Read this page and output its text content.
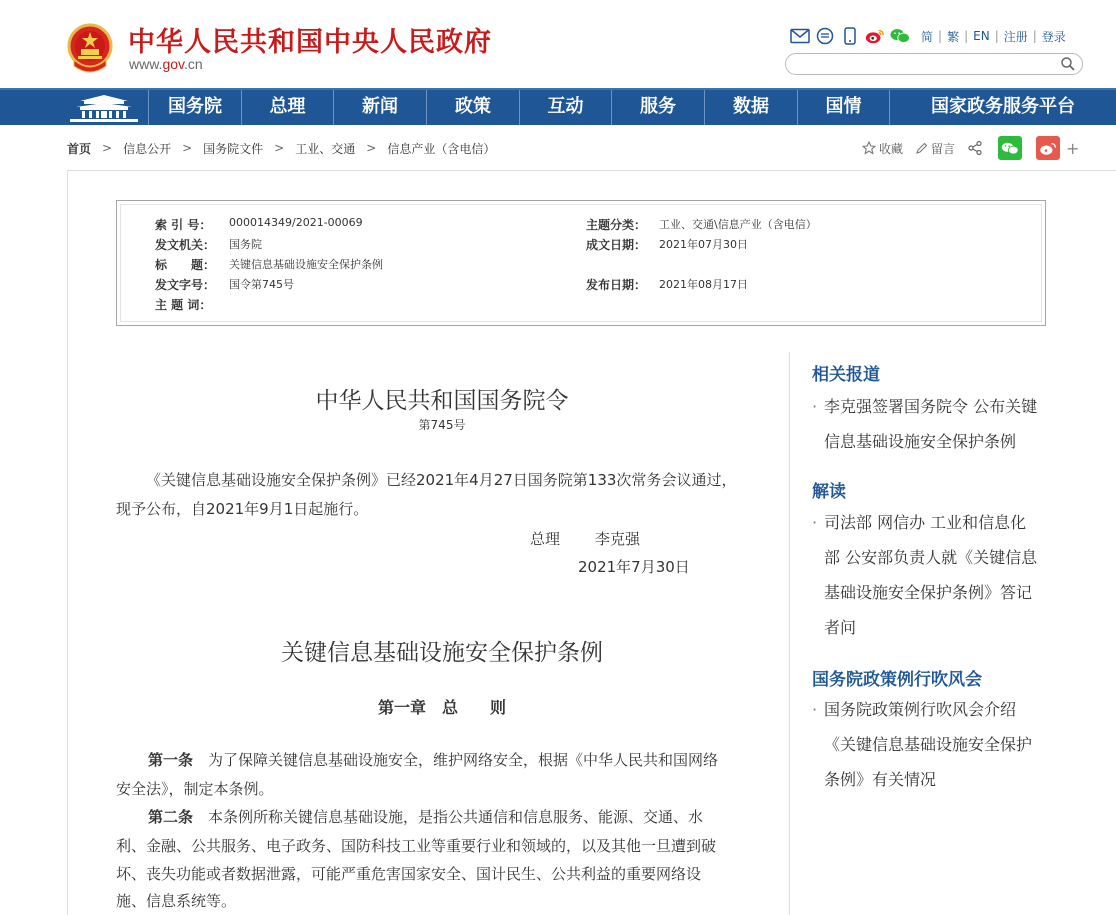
中华人民共和国中央人民政府
www.gov.cn
简 | 繁 | EN | 注册 | 登录
国务院	总理	新闻	政策	互动	服务	数据	国情	国家政务服务平台
首页 > 信息公开 > 国务院文件 > 工业、交通 > 信息产业（含电信）	收藏 留言	+
索 引 号： 000014349/2021-00069	主题分类： 工业、交通\信息产业（含电信）
发文机关： 国务院	成文日期： 2021年07月30日
标　　题： 关键信息基础设施安全保护条例
发文字号： 国令第745号	发布日期： 2021年08月17日
主 题 词：
中华人民共和国国务院令
第745号
《关键信息基础设施安全保护条例》已经2021年4月27日国务院第133次常务会议通过，
现予公布，自2021年9月1日起施行。
总理 李克强
2021年7月30日
关键信息基础设施安全保护条例
第一章　总　　则
第一条　 为了保障关键信息基础设施安全，维护网络安全，根据《中华人民共和国网络
安全法》，制定本条例。
第二条　 本条例所称关键信息基础设施，是指公共通信和信息服务、能源、交通、水
利、金融、公共服务、电子政务、国防科技工业等重要行业和领域的，以及其他一旦遭到破
坏、丧失功能或者数据泄露，可能严重危害国家安全、国计民生、公共利益的重要网络设
施、信息系统等。
相关报道
· 李克强签署国务院令 公布关键
信息基础设施安全保护条例
解读
· 司法部 网信办 工业和信息化
部 公安部负责人就《关键信息
基础设施安全保护条例》答记
者问
国务院政策例行吹风会
· 国务院政策例行吹风会介绍
《关键信息基础设施安全保护
条例》有关情况
